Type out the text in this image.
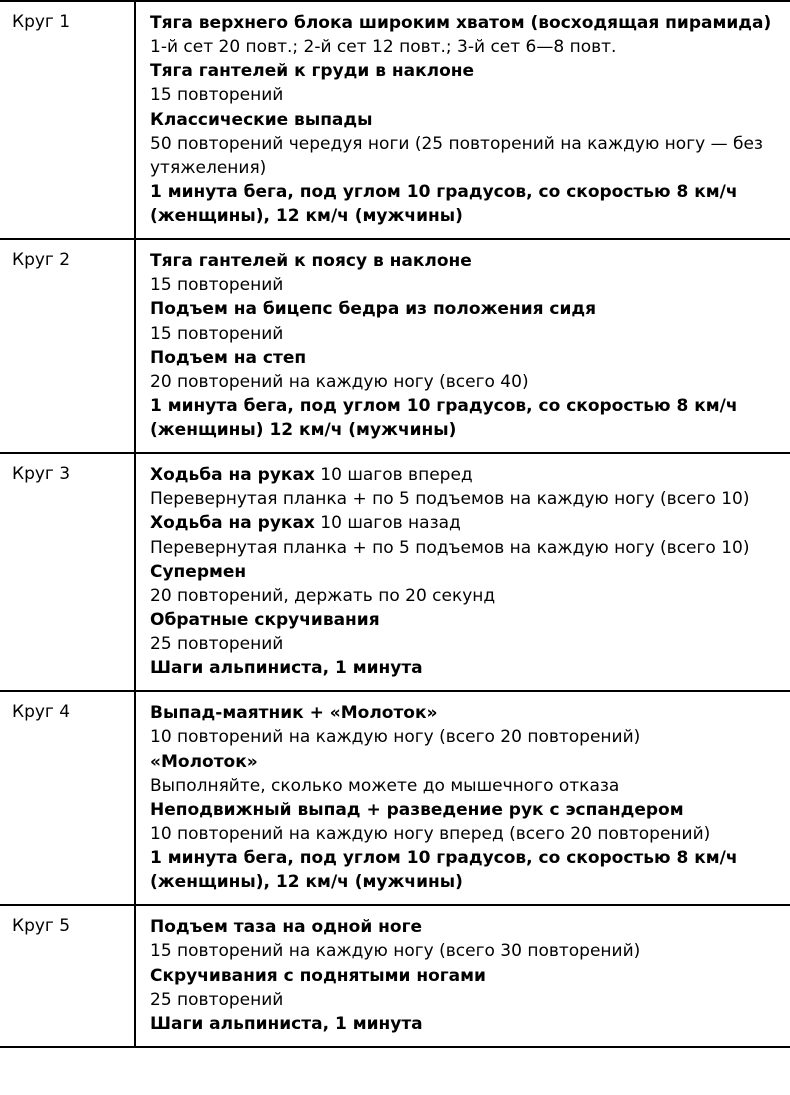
Круг 1	Тяга верхнего блока широким хватом (восходящая пирамида)
1-й сет 20 повт.; 2-й сет 12 повт.; 3-й сет 6—8 повт.
Тяга гантелей к груди в наклоне
15 повторений
Классические выпады
50 повторений чередуя ноги (25 повторений на каждую ногу — без утяжеления)
1 минута бега, под углом 10 градусов, со скоростью 8 км/ч (женщины), 12 км/ч (мужчины)

Круг 2	Тяга гантелей к поясу в наклоне
15 повторений
Подъем на бицепс бедра из положения сидя
15 повторений
Подъем на степ
20 повторений на каждую ногу (всего 40)
1 минута бега, под углом 10 градусов, со скоростью 8 км/ч (женщины) 12 км/ч (мужчины)

Круг 3	Ходьба на руках 10 шагов вперед
Перевернутая планка + по 5 подъемов на каждую ногу (всего 10)
Ходьба на руках 10 шагов назад
Перевернутая планка + по 5 подъемов на каждую ногу (всего 10)
Супермен
20 повторений, держать по 20 секунд
Обратные скручивания
25 повторений
Шаги альпиниста, 1 минута

Круг 4	Выпад-маятник + «Молоток»
10 повторений на каждую ногу (всего 20 повторений)
«Молоток»
Выполняйте, сколько можете до мышечного отказа
Неподвижный выпад + разведение рук с эспандером
10 повторений на каждую ногу вперед (всего 20 повторений)
1 минута бега, под углом 10 градусов, со скоростью 8 км/ч (женщины), 12 км/ч (мужчины)

Круг 5	Подъем таза на одной ноге
15 повторений на каждую ногу (всего 30 повторений)
Скручивания с поднятыми ногами
25 повторений
Шаги альпиниста, 1 минута
